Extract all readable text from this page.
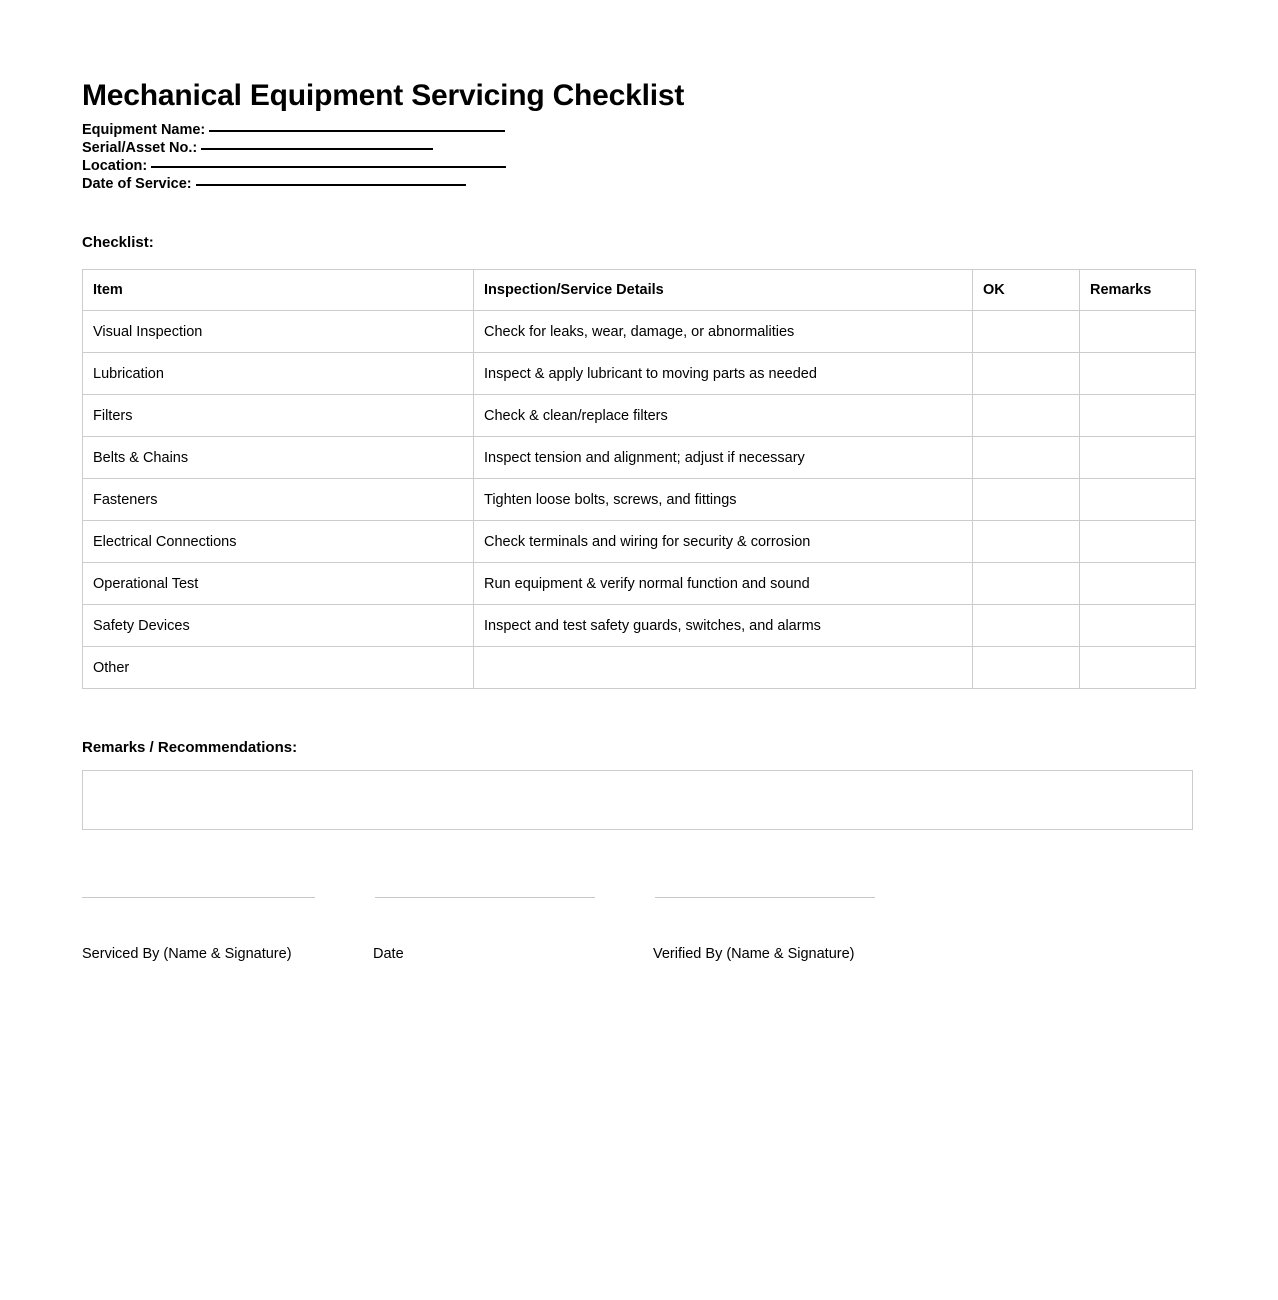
Mechanical Equipment Servicing Checklist
Equipment Name:
Serial/Asset No.:
Location:
Date of Service:
Checklist:
Item	Inspection/Service Details	OK	Remarks
Visual Inspection	Check for leaks, wear, damage, or abnormalities		
Lubrication	Inspect & apply lubricant to moving parts as needed		
Filters	Check & clean/replace filters		
Belts & Chains	Inspect tension and alignment; adjust if necessary		
Fasteners	Tighten loose bolts, screws, and fittings		
Electrical Connections	Check terminals and wiring for security & corrosion		
Operational Test	Run equipment & verify normal function and sound		
Safety Devices	Inspect and test safety guards, switches, and alarms		
Other			
Remarks / Recommendations:
Serviced By (Name & Signature)	Date	Verified By (Name & Signature)
